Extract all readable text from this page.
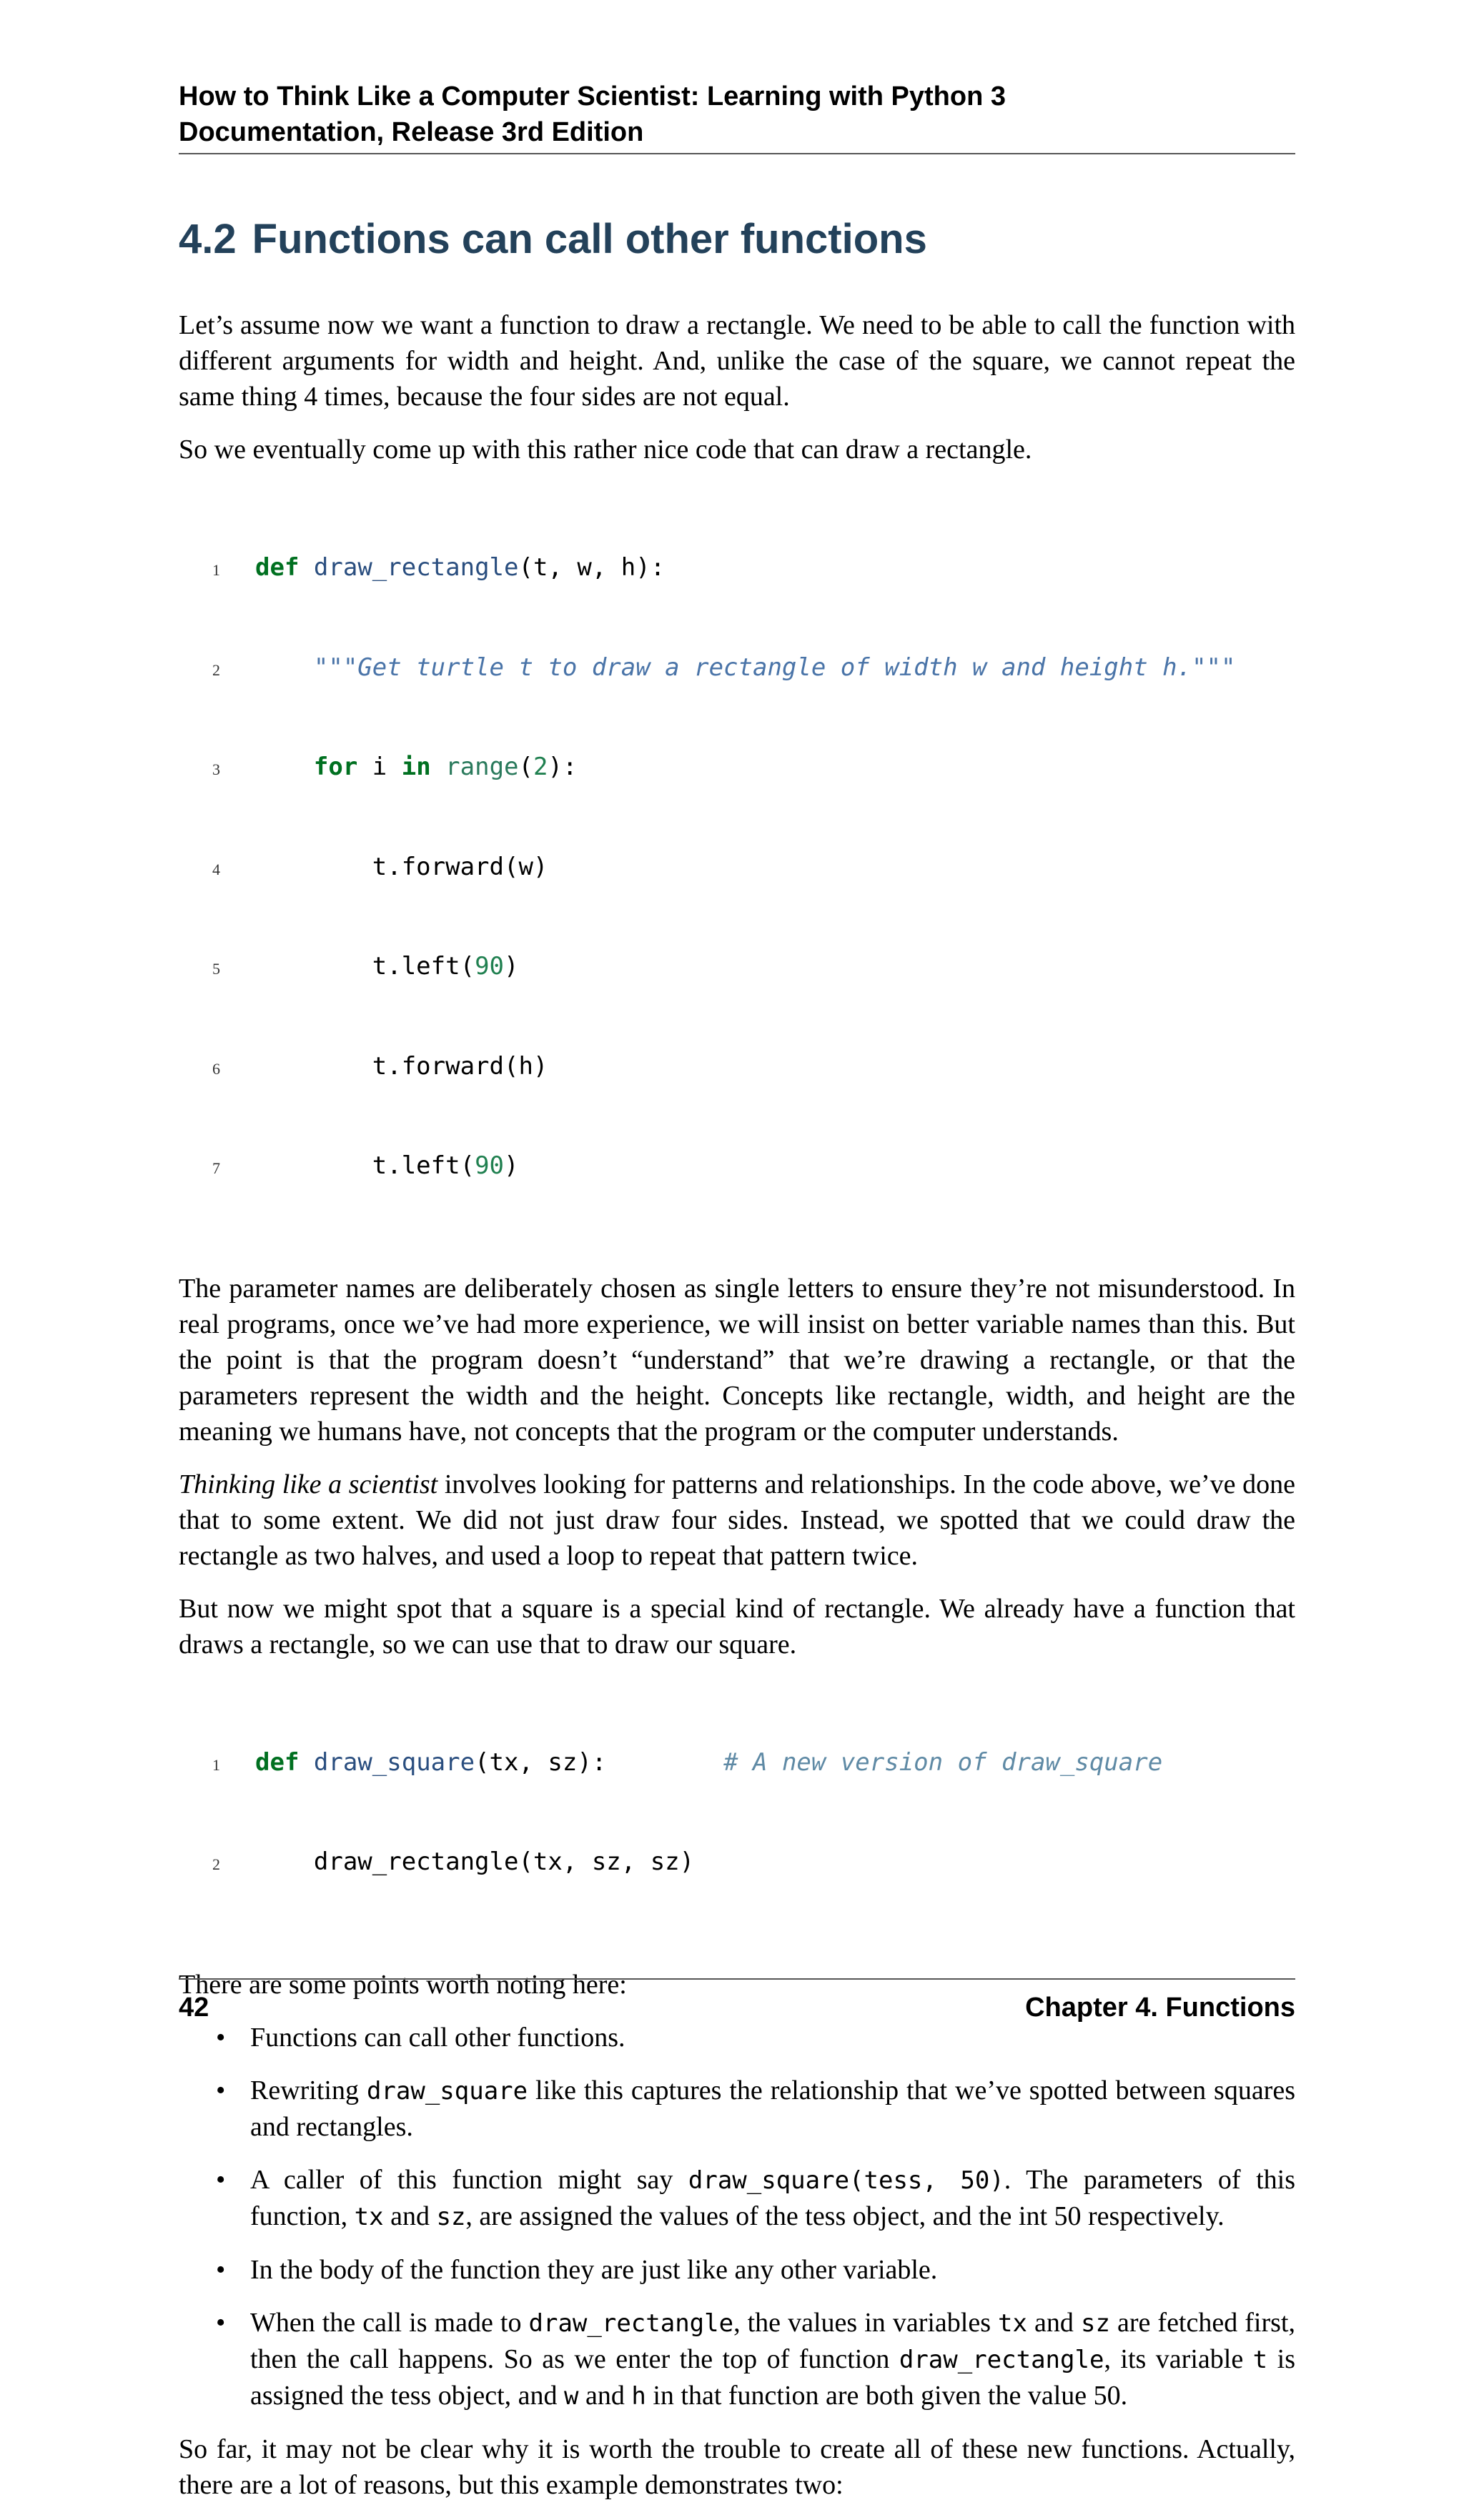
How to Think Like a Computer Scientist: Learning with Python 3
Documentation, Release 3rd Edition
4.2 Functions can call other functions

Let’s assume now we want a function to draw a rectangle. We need to be able to call the function with different arguments for width and height. And, unlike the case of the square, we cannot repeat the same thing 4 times, because the four sides are not equal.

So we eventually come up with this rather nice code that can draw a rectangle.

1 def draw_rectangle(t, w, h):

2	"""Get turtle t to draw a rectangle of width w and height h."""

3	for i in range(2):

4	t.forward(w)

5	t.left(90)

6	t.forward(h)

7	t.left(90)

The parameter names are deliberately chosen as single letters to ensure they’re not misunderstood. In real programs, once we’ve had more experience, we will insist on better variable names than this. But the point is that the program doesn’t “understand” that we’re drawing a rectangle, or that the parameters represent the width and the height. Concepts like rectangle, width, and height are the meaning we humans have, not concepts that the program or the computer understands.

Thinking like a scientist involves looking for patterns and relationships. In the code above, we’ve done that to some extent. We did not just draw four sides. Instead, we spotted that we could draw the rectangle as two halves, and used a loop to repeat that pattern twice.

But now we might spot that a square is a special kind of rectangle. We already have a function that draws a rectangle, so we can use that to draw our square.

1 def draw_square(tx, sz):        # A new version of draw_square

2	draw_rectangle(tx, sz, sz)

There are some points worth noting here:

• Functions can call other functions.
• Rewriting draw_square like this captures the relationship that we’ve spotted between squares and rectangles.
• A caller of this function might say draw_square(tess, 50). The parameters of this function, tx and sz, are assigned the values of the tess object, and the int 50 respectively.
• In the body of the function they are just like any other variable.
• When the call is made to draw_rectangle, the values in variables tx and sz are fetched first, then the call happens. So as we enter the top of function draw_rectangle, its variable t is assigned the tess object, and w and h in that function are both given the value 50.

So far, it may not be clear why it is worth the trouble to create all of these new functions. Actually, there are a lot of reasons, but this example demonstrates two:

42	Chapter 4. Functions
